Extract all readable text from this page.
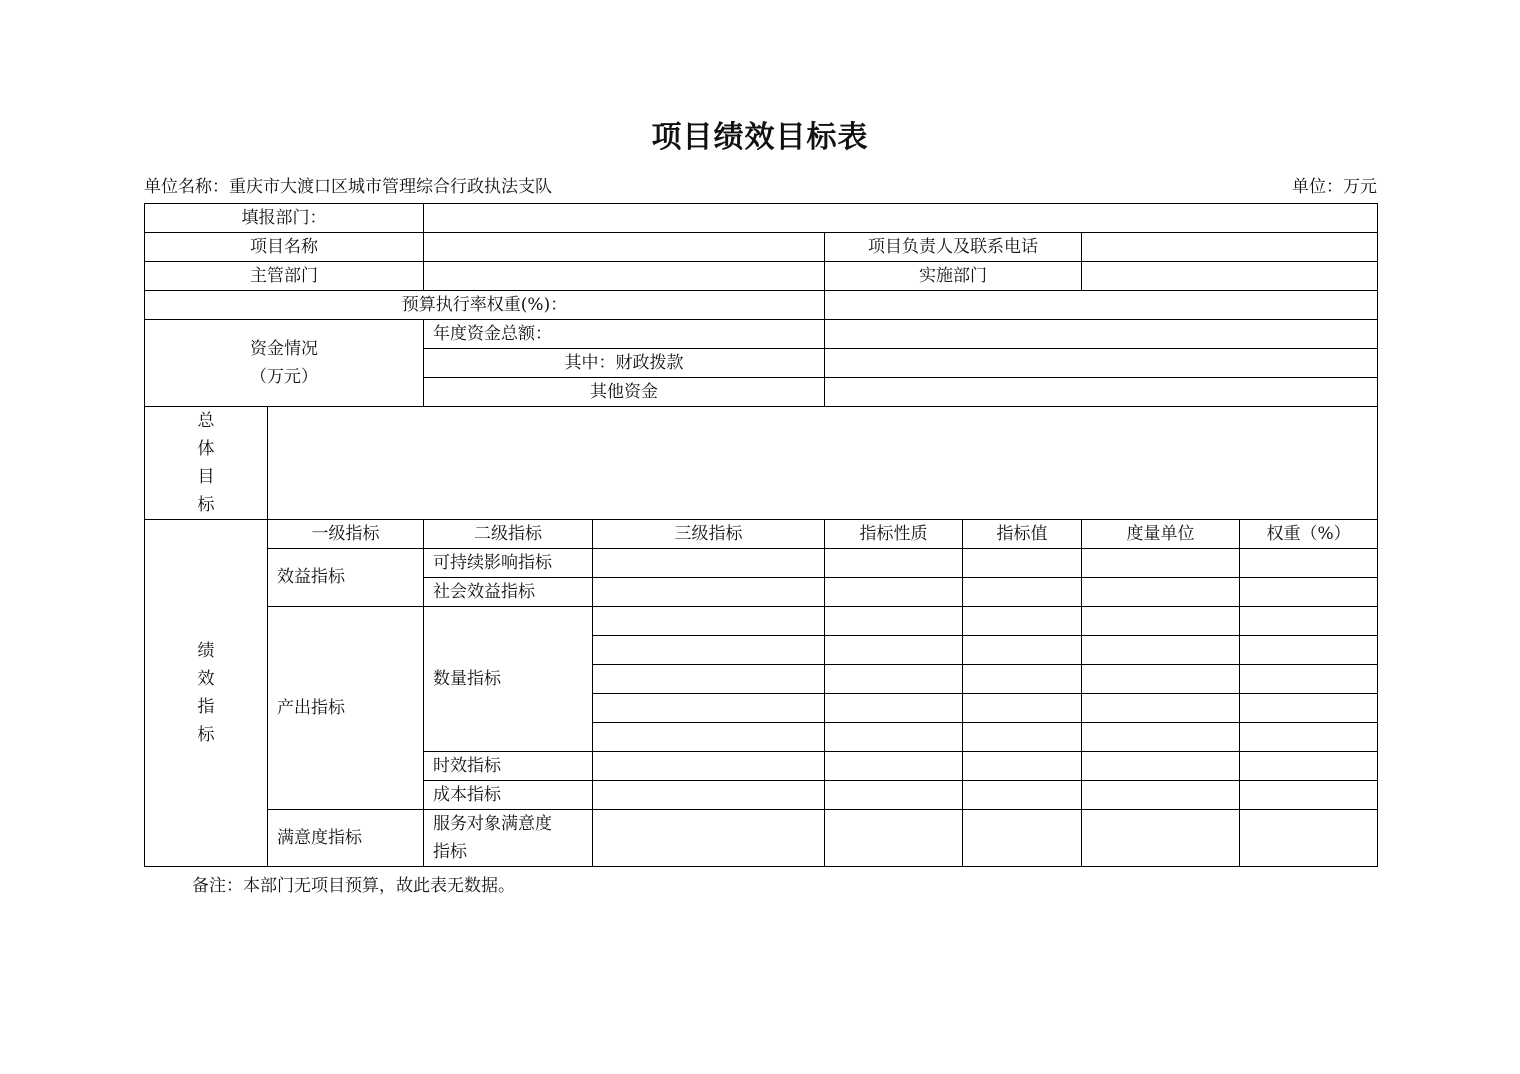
项目绩效目标表
单位名称：重庆市大渡口区城市管理综合行政执法支队	单位：万元
填报部门：							
项目名称				项目负责人及联系电话			
主管部门				实施部门			
预算执行率权重(%)：							

资金情况
（万元）		年度资金总额：					
		其中：财政拨款					
		其他资金					

总
体
目
标							

绩
效
指
标	一级指标	二级指标	三级指标	指标性质	指标值	度量单位	权重（%）
	效益指标	可持续影响指标					
		社会效益指标					
	产出指标	数量指标					

		时效指标					
		成本指标					
	满意度指标	服务对象满意度
指标					

备注：本部门无项目预算，故此表无数据。
